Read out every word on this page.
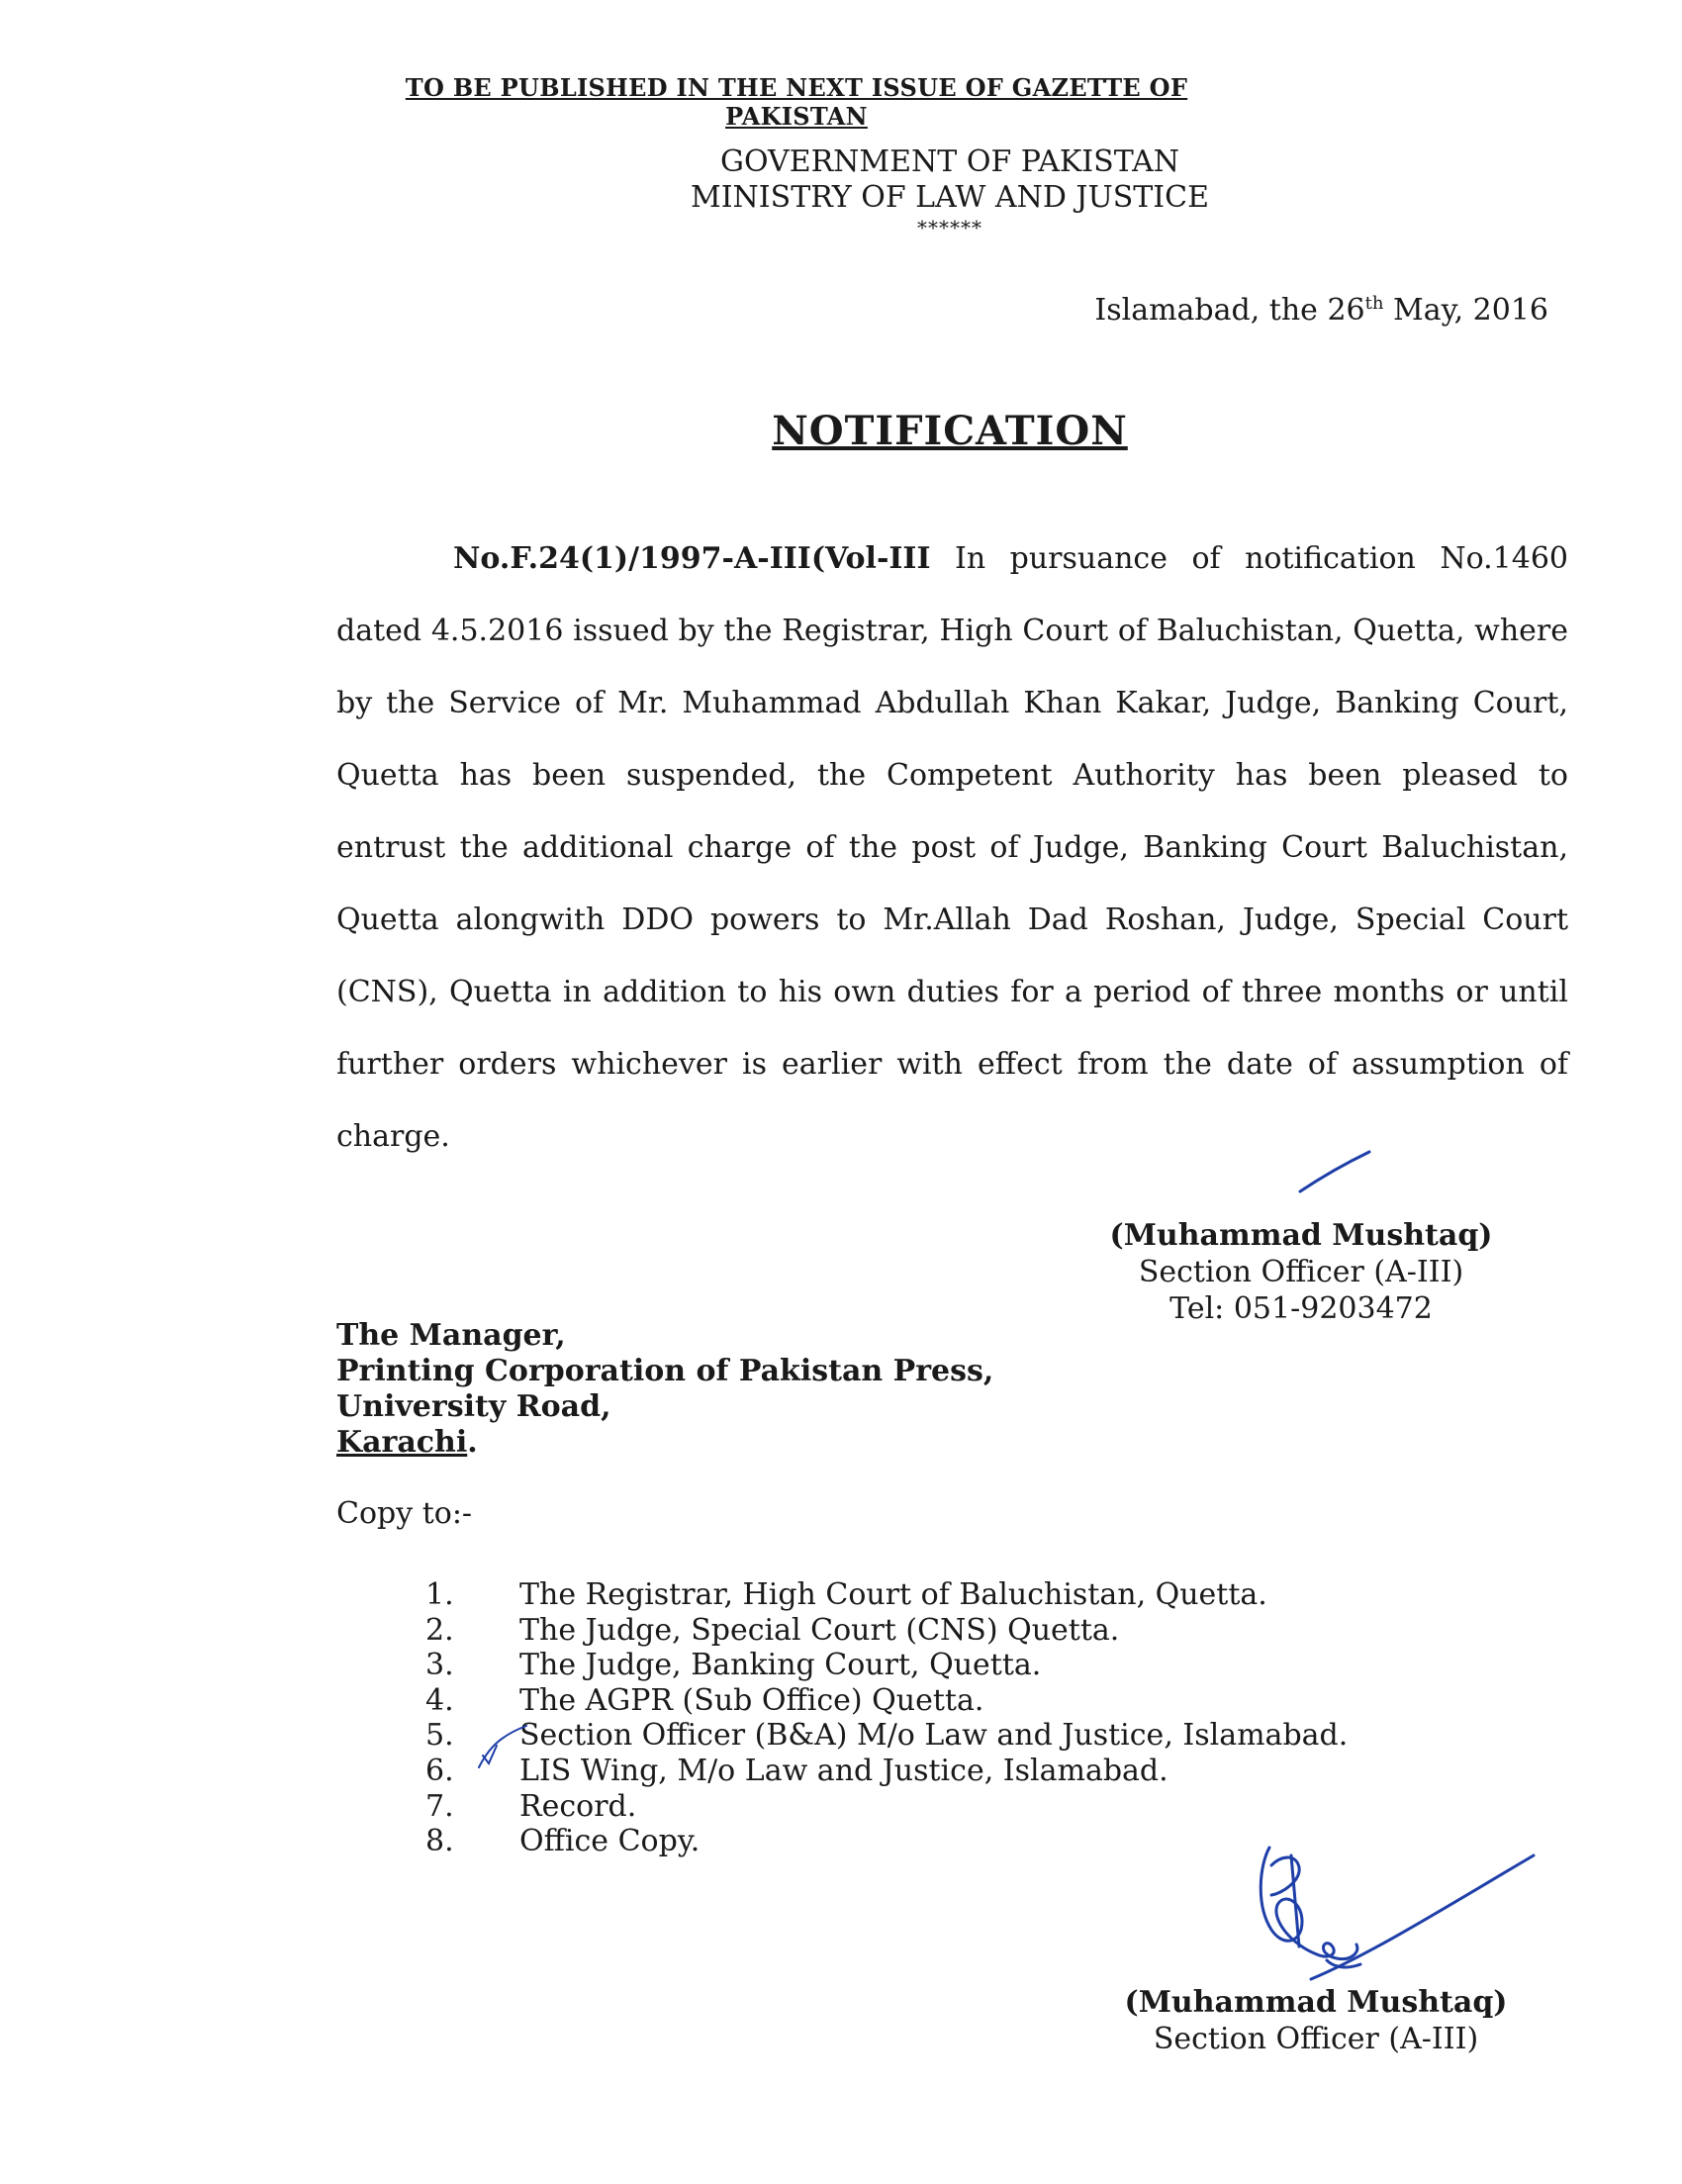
TO BE PUBLISHED IN THE NEXT ISSUE OF GAZETTE OF PAKISTAN
GOVERNMENT OF PAKISTAN
MINISTRY OF LAW AND JUSTICE
******
Islamabad, the 26th May, 2016
NOTIFICATION
No.F.24(1)/1997-A-III(Vol-III In pursuance of notification No.1460 dated 4.5.2016 issued by the Registrar, High Court of Baluchistan, Quetta, where by the Service of Mr. Muhammad Abdullah Khan Kakar, Judge, Banking Court, Quetta has been suspended, the Competent Authority has been pleased to entrust the additional charge of the post of Judge, Banking Court Baluchistan, Quetta alongwith DDO powers to Mr.Allah Dad Roshan, Judge, Special Court (CNS), Quetta in addition to his own duties for a period of three months or until further orders whichever is earlier with effect from the date of assumption of charge.
(Muhammad Mushtaq)
Section Officer (A-III)
Tel: 051-9203472
The Manager,
Printing Corporation of Pakistan Press,
University Road,
Karachi.
Copy to:-
1.	The Registrar, High Court of Baluchistan, Quetta.
2.	The Judge, Special Court (CNS) Quetta.
3.	The Judge, Banking Court, Quetta.
4.	The AGPR (Sub Office) Quetta.
5.	Section Officer (B&A) M/o Law and Justice, Islamabad.
6.	LIS Wing, M/o Law and Justice, Islamabad.
7.	Record.
8.	Office Copy.
(Muhammad Mushtaq)
Section Officer (A-III)
